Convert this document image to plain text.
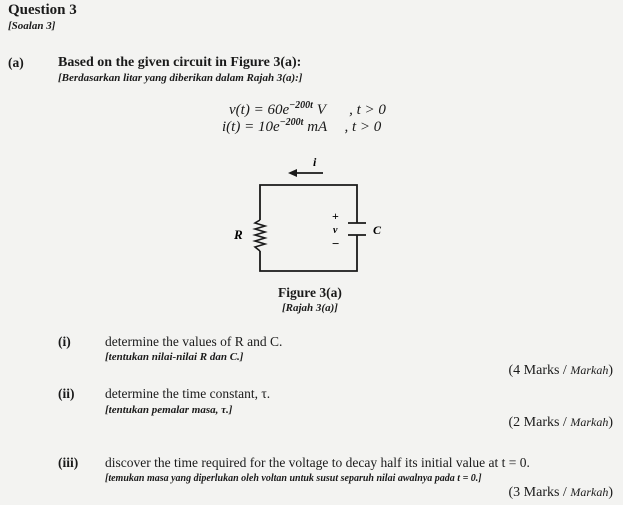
Question 3
[Soalan 3]
(a) Based on the given circuit in Figure 3(a):
[Berdasarkan litar yang diberikan dalam Rajah 3(a):]
$v(t) = 60e^{-200t}$ V , t > 0
$i(t) = 10e^{-200t}$ mA , t > 0
i
R	C
+
v
−
Figure 3(a)
[Rajah 3(a)]
(i)	determine the values of R and C.
[tentukan nilai-nilai R dan C.]
(4 Marks / Markah)
(ii) determine the time constant, τ.
[tentukan pemalar masa, τ.]
(2 Marks / Markah)
(iii) discover the time required for the voltage to decay half its initial value at t = 0.
[temukan masa yang diperlukan oleh voltan untuk susut separuh nilai awalnya pada t = 0.]
(3 Marks / Markah)
